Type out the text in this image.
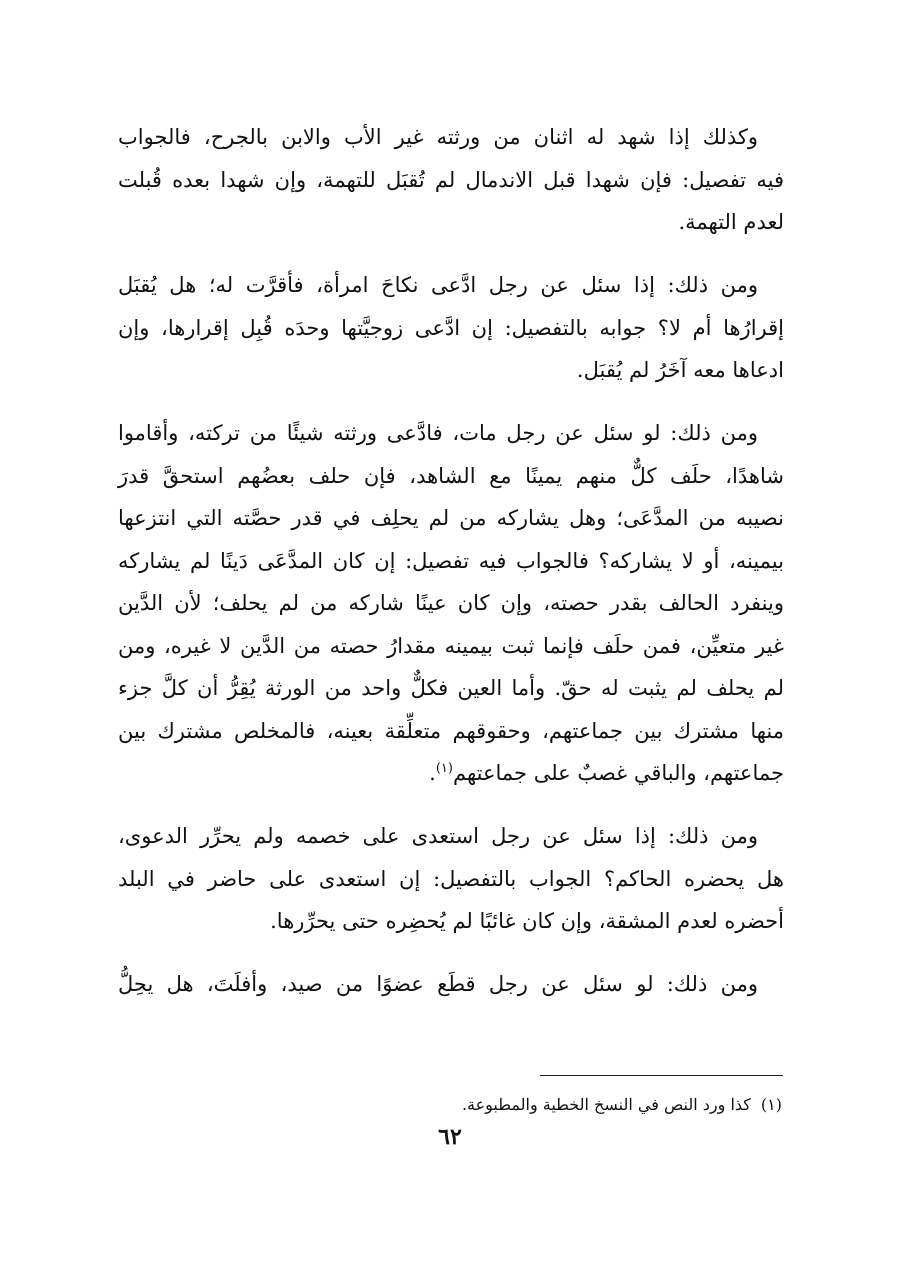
وكذلك إذا شهد له اثنان من ورثته غير الأب والابن بالجرح، فالجواب
فيه تفصيل: فإن شهدا قبل الاندمال لم تُقبَل للتهمة، وإن شهدا بعده قُبلت
لعدم التهمة.

ومن ذلك: إذا سئل عن رجل ادَّعى نكاحَ امرأة، فأقرَّت له؛ هل يُقبَل
إقرارُها أم لا؟ جوابه بالتفصيل: إن ادَّعى زوجيَّتها وحدَه قُبِل إقرارها، وإن
ادعاها معه آخَرُ لم يُقبَل.

ومن ذلك: لو سئل عن رجل مات، فادَّعى ورثته شيئًا من تركته، وأقاموا
شاهدًا، حلَف كلٌّ منهم يمينًا مع الشاهد، فإن حلف بعضُهم استحقَّ قدرَ
نصيبه من المدَّعَى؛ وهل يشاركه من لم يحلِف في قدر حصَّته التي انتزعها
بيمينه، أو لا يشاركه؟ فالجواب فيه تفصيل: إن كان المدَّعَى دَينًا لم يشاركه
وينفرد الحالف بقدر حصته، وإن كان عينًا شاركه من لم يحلف؛ لأن الدَّين
غير متعيِّن، فمن حلَف فإنما ثبت بيمينه مقدارُ حصته من الدَّين لا غيره، ومن
لم يحلف لم يثبت له حقّ. وأما العين فكلٌّ واحد من الورثة يُقِرُّ أن كلَّ جزء
منها مشترك بين جماعتهم، وحقوقهم متعلِّقة بعينه، فالمخلص مشترك بين
جماعتهم، والباقي غصبٌ على جماعتهم$^{(١)}$.

ومن ذلك: إذا سئل عن رجل استعدى على خصمه ولم يحرِّر الدعوى،
هل يحضره الحاكم؟ الجواب بالتفصيل: إن استعدى على حاضر في البلد
أحضره لعدم المشقة، وإن كان غائبًا لم يُحضِره حتى يحرِّرها.

ومن ذلك: لو سئل عن رجل قطَع عضوًا من صيد، وأفلَتَ، هل يحِلُّ

(١)كذا ورد النص في النسخ الخطية والمطبوعة.
٦٢
